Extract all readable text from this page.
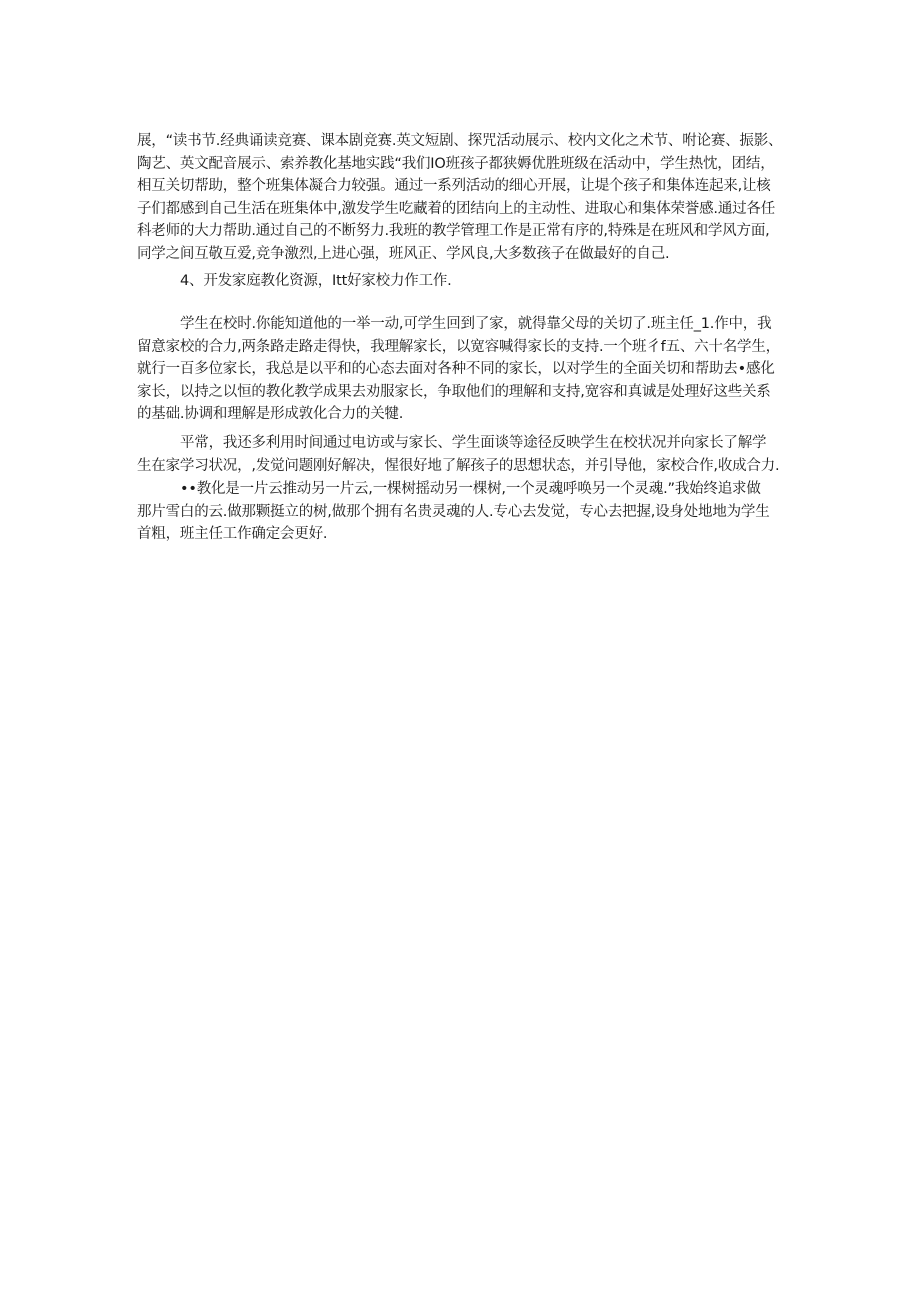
展，“读书节.经典诵读竞赛、课本剧竞赛.英文短剧、探咒活动展示、校内文化之术节、咐论赛、振影、
陶艺、英文配音展示、索养教化基地实践“我们IO班孩子都狭媷优胜班级在活动中，学生热忱，团结，
相互关切帮助，整个班集体凝合力较强。通过一系列活动的细心开展，让堤个孩子和集体连起来,让核
子们都感到自己生活在班集体中,激发学生吃藏着的团结向上的主动性、进取心和集体荣誉感.通过各任
科老师的大力帮助.通过自己的不断努力.我班的教学管理工作是正常有序的,特殊是在班风和学风方面,
同学之间互敬互爱,竞争激烈,上进心强，班风正、学风良,大多数孩子在做最好的自己.
4、开发家庭教化资源，Itt好家校力作工作.
学生在校时.你能知道他的一举一动,可学生回到了家，就得靠父母的关切了.班主任_1.作中，我
留意家校的合力,两条路走路走得快，我理解家长，以宽容喊得家长的支持.一个班彳f五、六十名学生，
就行一百多位家长，我总是以平和的心态去面对各种不同的家长，以对学生的全面关切和帮助去•感化
家长，以持之以恒的教化教学成果去劝服家长，争取他们的理解和支持,宽容和真诚是处理好这些关系
的基础.协调和理解是形成敦化合力的关犍.
平常，我还多利用时间通过电访或与家长、学生面谈等途径反映学生在校状况并向家长了解学
生在家学习状况，,发觉问题刚好解决，惺很好地了解孩子的思想状态，并引导他，家校合作,收成合力.
••教化是一片云推动另一片云,一棵树摇动另一棵树,一个灵魂呼唤另一个灵魂.”我始终追求做
那片雪白的云.做那颗挺立的树,做那个拥有名贵灵魂的人.专心去发觉，专心去把握,设身处地地为学生
首粗，班主任工作确定会更好.
